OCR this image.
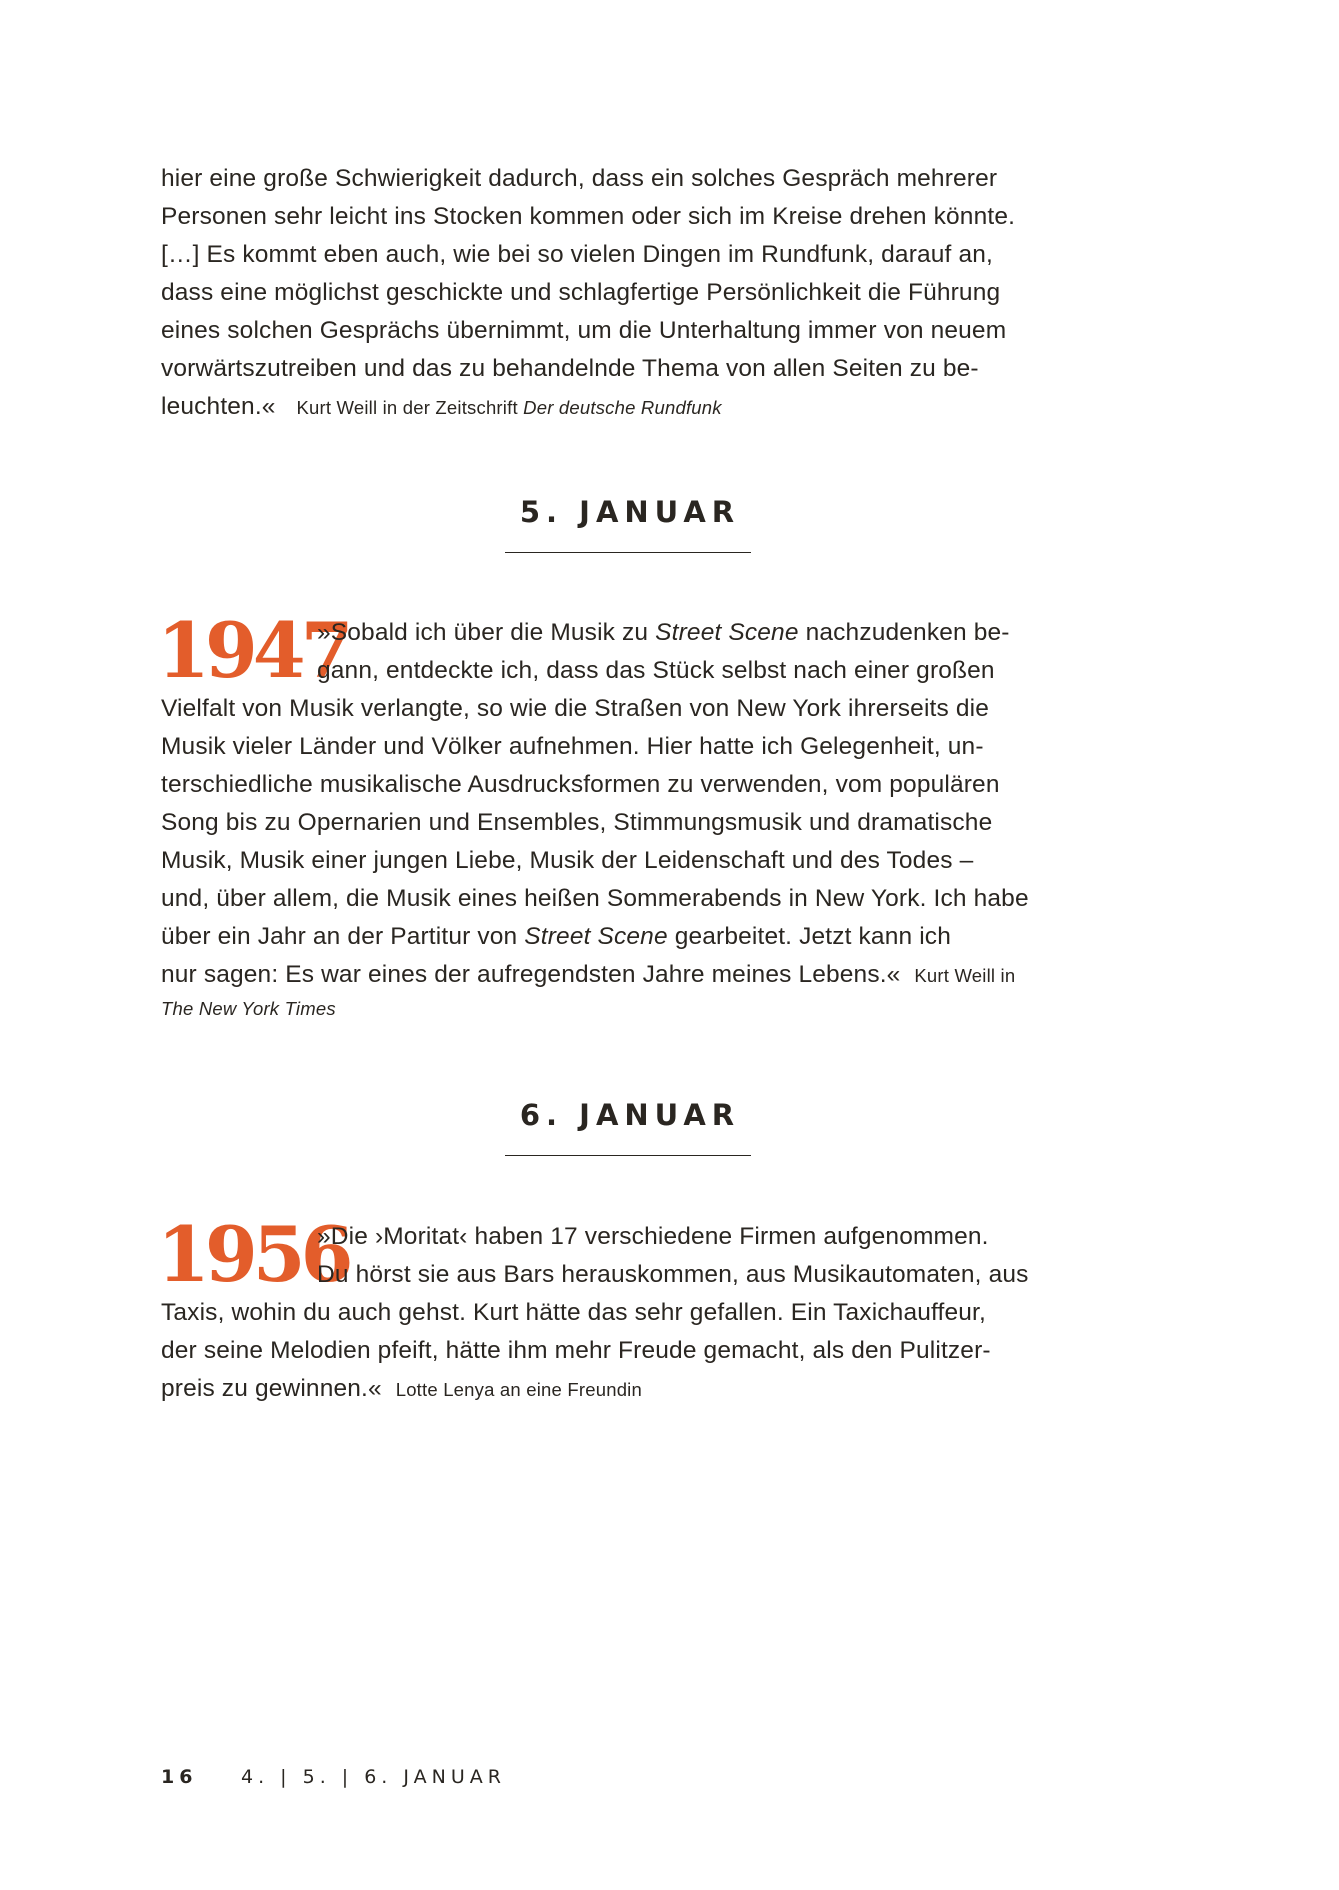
hier eine große Schwierigkeit dadurch, dass ein solches Gespräch mehrerer
Personen sehr leicht ins Stocken kommen oder sich im Kreise drehen könnte.
[…] Es kommt eben auch, wie bei so vielen Dingen im Rundfunk, darauf an,
dass eine möglichst geschickte und schlagfertige Persönlichkeit die Führung
eines solchen Gesprächs übernimmt, um die Unterhaltung immer von neuem
vorwärtszutreiben und das zu behandelnde Thema von allen Seiten zu be-
leuchten.« Kurt Weill in der Zeitschrift Der deutsche Rundfunk
5. JANUAR
1947
»Sobald ich über die Musik zu Street Scene nachzudenken be-
gann, entdeckte ich, dass das Stück selbst nach einer großen
Vielfalt von Musik verlangte, so wie die Straßen von New York ihrerseits die
Musik vieler Länder und Völker aufnehmen. Hier hatte ich Gelegenheit, un-
terschiedliche musikalische Ausdrucksformen zu verwenden, vom populären
Song bis zu Opernarien und Ensembles, Stimmungsmusik und dramatische
Musik, Musik einer jungen Liebe, Musik der Leidenschaft und des Todes –
und, über allem, die Musik eines heißen Sommerabends in New York. Ich habe
über ein Jahr an der Partitur von Street Scene gearbeitet. Jetzt kann ich
nur sagen: Es war eines der aufregendsten Jahre meines Lebens.« Kurt Weill in
The New York Times
6. JANUAR
1956
»Die ›Moritat‹ haben 17 verschiedene Firmen aufgenommen.
Du hörst sie aus Bars herauskommen, aus Musikautomaten, aus
Taxis, wohin du auch gehst. Kurt hätte das sehr gefallen. Ein Taxichauffeur,
der seine Melodien pfeift, hätte ihm mehr Freude gemacht, als den Pulitzer-
preis zu gewinnen.« Lotte Lenya an eine Freundin
16 4. | 5. | 6. JANUAR
